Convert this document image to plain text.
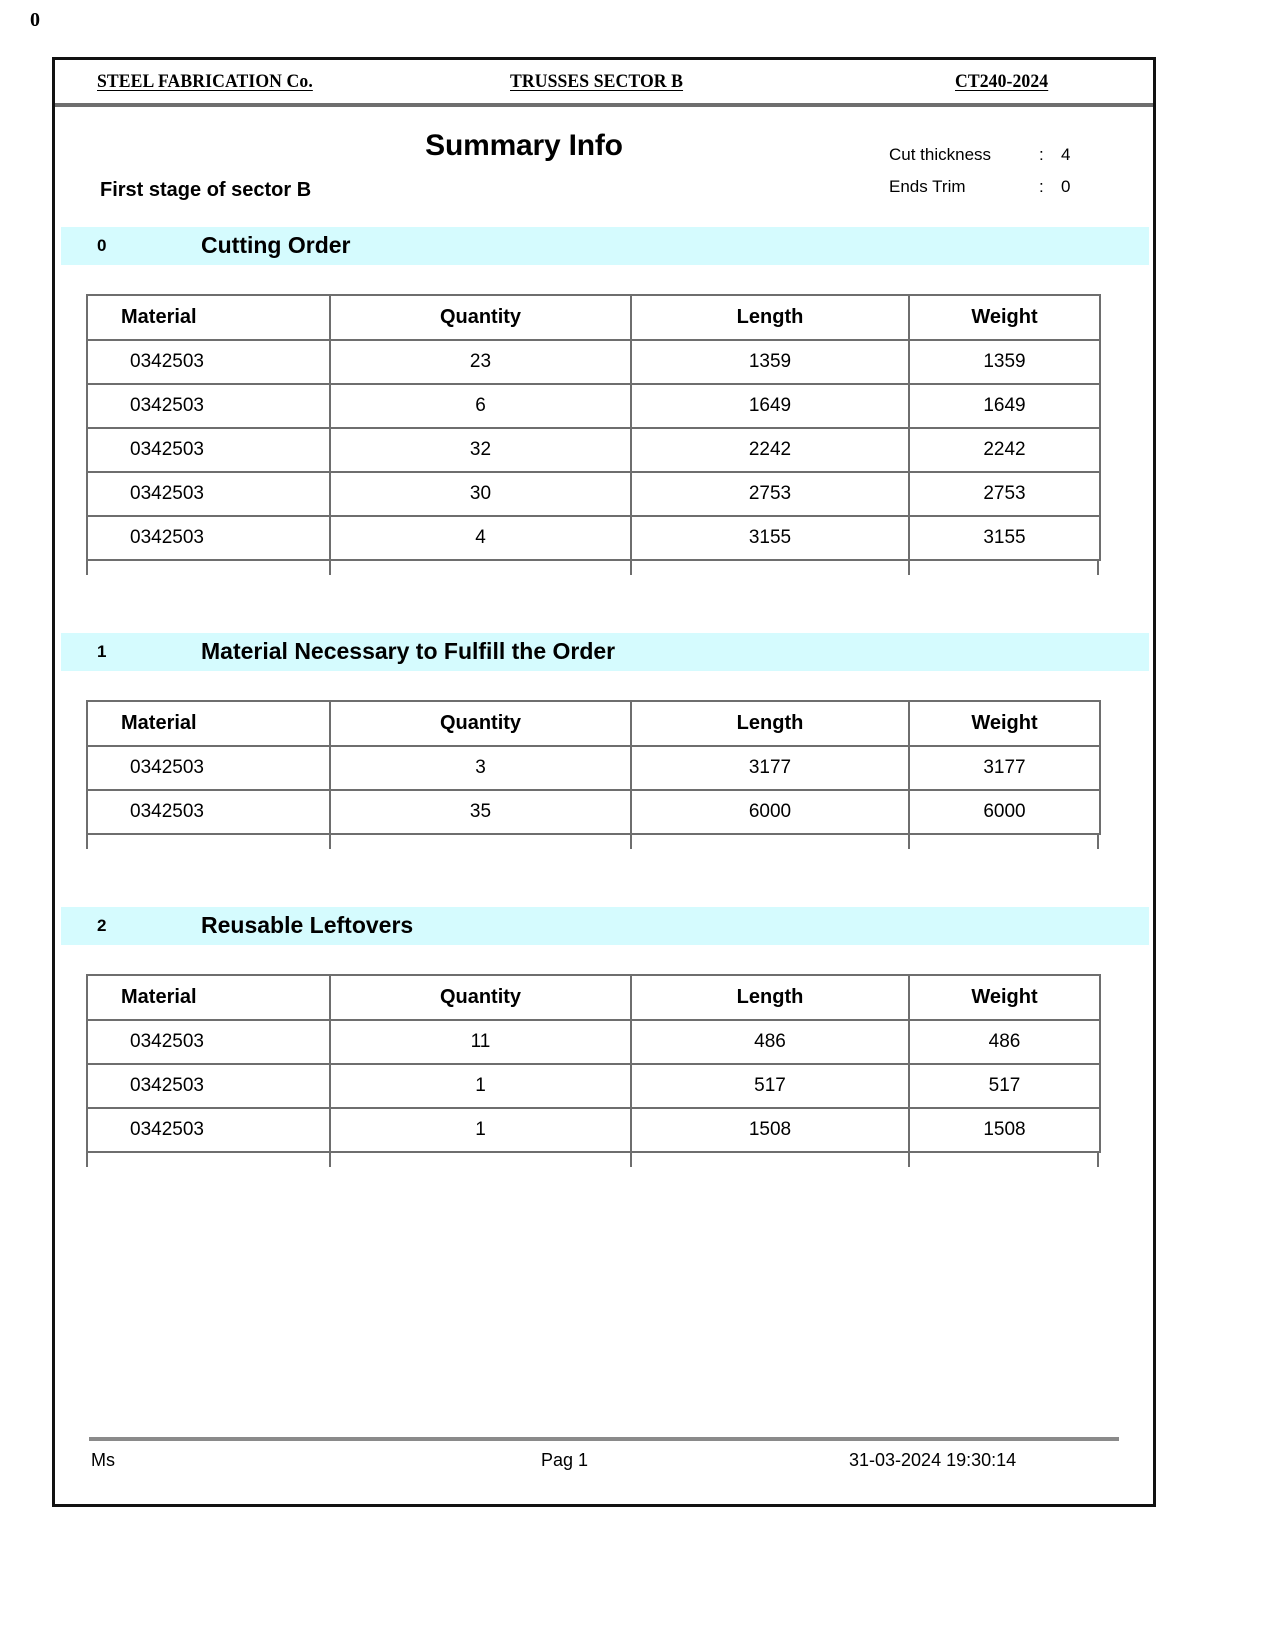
0
STEEL FABRICATION Co.	TRUSSES SECTOR B	CT240-2024
Summary Info
First stage of sector B
Cut thickness	:	4
Ends Trim	:	0
0	Cutting Order
Material	Quantity	Length	Weight
0342503	23	1359	1359
0342503	6	1649	1649
0342503	32	2242	2242
0342503	30	2753	2753
0342503	4	3155	3155
1	Material Necessary to Fulfill the Order
Material	Quantity	Length	Weight
0342503	3	3177	3177
0342503	35	6000	6000
2	Reusable Leftovers
Material	Quantity	Length	Weight
0342503	11	486	486
0342503	1	517	517
0342503	1	1508	1508
Ms	Pag 1	31-03-2024 19:30:14
